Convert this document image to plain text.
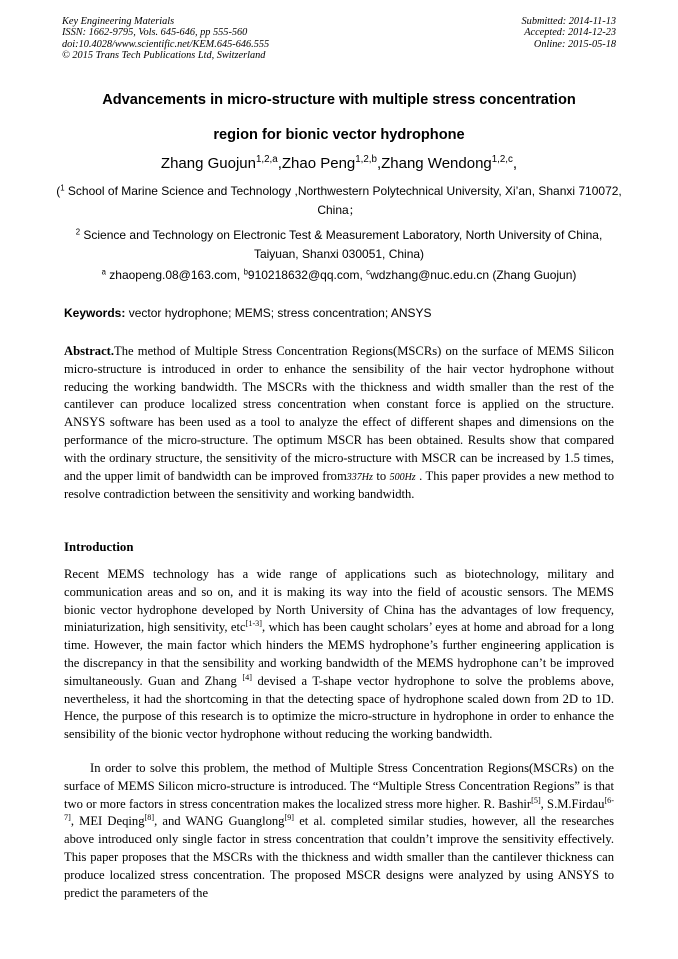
Key Engineering Materials
ISSN: 1662-9795, Vols. 645-646, pp 555-560
doi:10.4028/www.scientific.net/KEM.645-646.555
© 2015 Trans Tech Publications Ltd, Switzerland
Submitted: 2014-11-13
Accepted: 2014-12-23
Online: 2015-05-18
Advancements in micro-structure with multiple stress concentration
region for bionic vector hydrophone
Zhang Guojun$^{1,2,a}$,Zhao Peng$^{1,2,b}$,Zhang Wendong$^{1,2,c}$,
($^1$ School of Marine Science and Technology ,Northwestern Polytechnical University, Xi’an, Shanxi 710072, China；
$^2$ Science and Technology on Electronic Test & Measurement Laboratory, North University of China, Taiyuan, Shanxi 030051, China)
$^a$ zhaopeng.08@163.com, $^b$910218632@qq.com, $^c$wdzhang@nuc.edu.cn (Zhang Guojun)
Keywords: vector hydrophone; MEMS; stress concentration; ANSYS
Abstract.The method of Multiple Stress Concentration Regions(MSCRs) on the surface of MEMS Silicon micro-structure is introduced in order to enhance the sensibility of the hair vector hydrophone without reducing the working bandwidth. The MSCRs with the thickness and width smaller than the rest of the cantilever can produce localized stress concentration when constant force is applied on the structure. ANSYS software has been used as a tool to analyze the effect of different shapes and dimensions on the performance of the micro-structure. The optimum MSCR has been obtained. Results show that compared with the ordinary structure, the sensitivity of the micro-structure with MSCR can be increased by 1.5 times, and the upper limit of bandwidth can be improved from337Hz to 500Hz . This paper provides a new method to resolve contradiction between the sensitivity and working bandwidth.
Introduction
Recent MEMS technology has a wide range of applications such as biotechnology, military and communication areas and so on, and it is making its way into the field of acoustic sensors. The MEMS bionic vector hydrophone developed by North University of China has the advantages of low frequency, miniaturization, high sensitivity, etc[1-3], which has been caught scholars’ eyes at home and abroad for a long time. However, the main factor which hinders the MEMS hydrophone’s further engineering application is the discrepancy in that the sensibility and working bandwidth of the MEMS hydrophone can’t be improved simultaneously. Guan and Zhang [4] devised a T-shape vector hydrophone to solve the problems above, nevertheless, it had the shortcoming in that the detecting space of hydrophone scaled down from 2D to 1D. Hence, the purpose of this research is to optimize the micro-structure in hydrophone in order to enhance the sensibility of the bionic vector hydrophone without reducing the working bandwidth.
In order to solve this problem, the method of Multiple Stress Concentration Regions(MSCRs) on the surface of MEMS Silicon micro-structure is introduced. The “Multiple Stress Concentration Regions” is that two or more factors in stress concentration makes the localized stress more higher. R. Bashir[5], S.M.Firdau[6-7], MEI Deqing[8], and WANG Guanglong[9] et al. completed similar studies, however, all the researches above introduced only single factor in stress concentration that couldn’t improve the sensitivity effectively. This paper proposes that the MSCRs with the thickness and width smaller than the cantilever thickness can produce localized stress concentration. The proposed MSCR designs were analyzed by using ANSYS to predict the parameters of the
